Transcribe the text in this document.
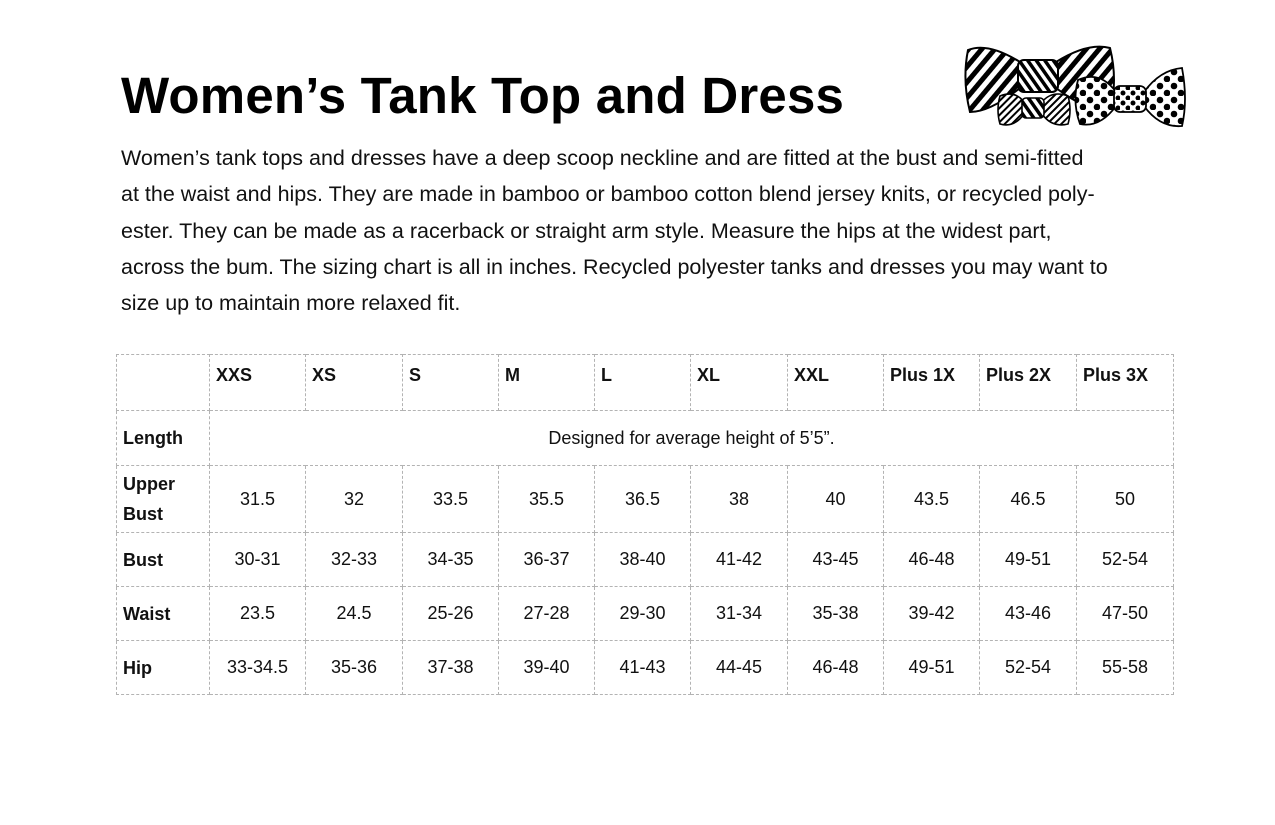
Women’s Tank Top and Dress
Women’s tank tops and dresses have a deep scoop neckline and are fitted at the bust and semi-fitted
at the waist and hips. They are made in bamboo or bamboo cotton blend jersey knits, or recycled poly-
ester. They can be made as a racerback or straight arm style. Measure the hips at the widest part,
across the bum. The sizing chart is all in inches. Recycled polyester tanks and dresses you may want to
size up to maintain more relaxed fit.
	XXS	XS	S	M	L	XL	XXL	Plus 1X	Plus 2X	Plus 3X
Length	Designed for average height of 5’5”.									
Upper
Bust	31.5	32	33.5	35.5	36.5	38	40	43.5	46.5	50
Bust	30-31	32-33	34-35	36-37	38-40	41-42	43-45	46-48	49-51	52-54
Waist	23.5	24.5	25-26	27-28	29-30	31-34	35-38	39-42	43-46	47-50
Hip	33-34.5	35-36	37-38	39-40	41-43	44-45	46-48	49-51	52-54	55-58
